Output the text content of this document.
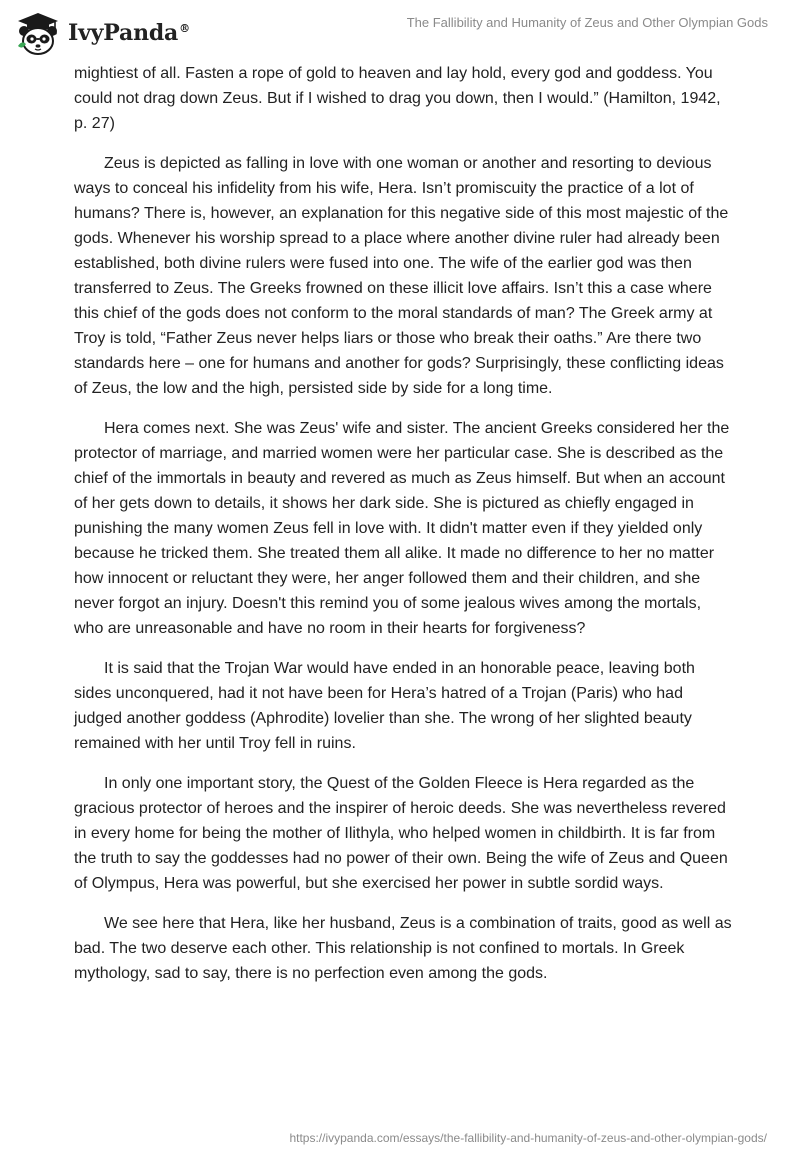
IvyPanda®	The Fallibility and Humanity of Zeus and Other Olympian Gods

mightiest of all. Fasten a rope of gold to heaven and lay hold, every god and goddess. You could not drag down Zeus. But if I wished to drag you down, then I would.” (Hamilton, 1942, p. 27)

Zeus is depicted as falling in love with one woman or another and resorting to devious ways to conceal his infidelity from his wife, Hera. Isn’t promiscuity the practice of a lot of humans? There is, however, an explanation for this negative side of this most majestic of the gods. Whenever his worship spread to a place where another divine ruler had already been established, both divine rulers were fused into one. The wife of the earlier god was then transferred to Zeus. The Greeks frowned on these illicit love affairs. Isn’t this a case where this chief of the gods does not conform to the moral standards of man? The Greek army at Troy is told, “Father Zeus never helps liars or those who break their oaths.” Are there two standards here – one for humans and another for gods? Surprisingly, these conflicting ideas of Zeus, the low and the high, persisted side by side for a long time.

Hera comes next. She was Zeus' wife and sister. The ancient Greeks considered her the protector of marriage, and married women were her particular case. She is described as the chief of the immortals in beauty and revered as much as Zeus himself. But when an account of her gets down to details, it shows her dark side. She is pictured as chiefly engaged in punishing the many women Zeus fell in love with. It didn't matter even if they yielded only because he tricked them. She treated them all alike. It made no difference to her no matter how innocent or reluctant they were, her anger followed them and their children, and she never forgot an injury. Doesn't this remind you of some jealous wives among the mortals, who are unreasonable and have no room in their hearts for forgiveness?

It is said that the Trojan War would have ended in an honorable peace, leaving both sides unconquered, had it not have been for Hera’s hatred of a Trojan (Paris) who had judged another goddess (Aphrodite) lovelier than she. The wrong of her slighted beauty remained with her until Troy fell in ruins.

In only one important story, the Quest of the Golden Fleece is Hera regarded as the gracious protector of heroes and the inspirer of heroic deeds. She was nevertheless revered in every home for being the mother of Ilithyla, who helped women in childbirth. It is far from the truth to say the goddesses had no power of their own. Being the wife of Zeus and Queen of Olympus, Hera was powerful, but she exercised her power in subtle sordid ways.

We see here that Hera, like her husband, Zeus is a combination of traits, good as well as bad. The two deserve each other. This relationship is not confined to mortals. In Greek mythology, sad to say, there is no perfection even among the gods.

https://ivypanda.com/essays/the-fallibility-and-humanity-of-zeus-and-other-olympian-gods/
